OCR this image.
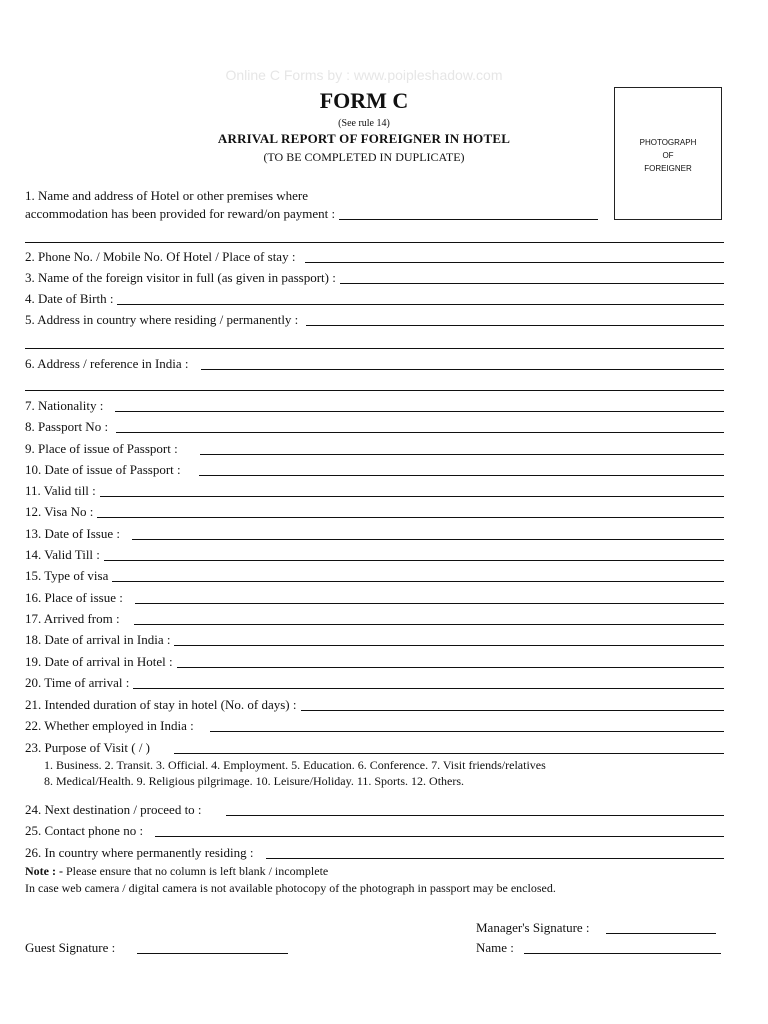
Online C Forms by : www.poipleshadow.com
FORM C
(See rule 14)
ARRIVAL REPORT OF FOREIGNER IN HOTEL
(TO BE COMPLETED IN DUPLICATE)
PHOTOGRAPH
OF
FOREIGNER
1. Name and address of Hotel or other premises where
accommodation has been provided for reward/on payment :
2. Phone No. / Mobile No. Of Hotel / Place of stay :
3. Name of the foreign visitor in full (as given in passport) :
4. Date of Birth :
5. Address in country where residing / permanently :
6. Address / reference in India :
7. Nationality :
8. Passport No :
9. Place of issue of Passport :
10. Date of issue of Passport :
11. Valid till :
12. Visa No :
13. Date of Issue :
14. Valid Till :
15. Type of visa
16. Place of issue :
17. Arrived from :
18. Date of arrival in India :
19. Date of arrival in Hotel :
20. Time of arrival :
21. Intended duration of stay in hotel (No. of days) :
22. Whether employed in India :
23. Purpose of Visit ( / )
1. Business. 2. Transit. 3. Official. 4. Employment. 5. Education. 6. Conference. 7. Visit friends/relatives
8. Medical/Health. 9. Religious pilgrimage. 10. Leisure/Holiday. 11. Sports. 12. Others.
24. Next destination / proceed to :
25. Contact phone no :
26. In country where permanently residing :
Note : - Please ensure that no column is left blank / incomplete
In case web camera / digital camera is not available photocopy of the photograph in passport may be enclosed.
Manager's Signature :
Name :
Guest Signature :
